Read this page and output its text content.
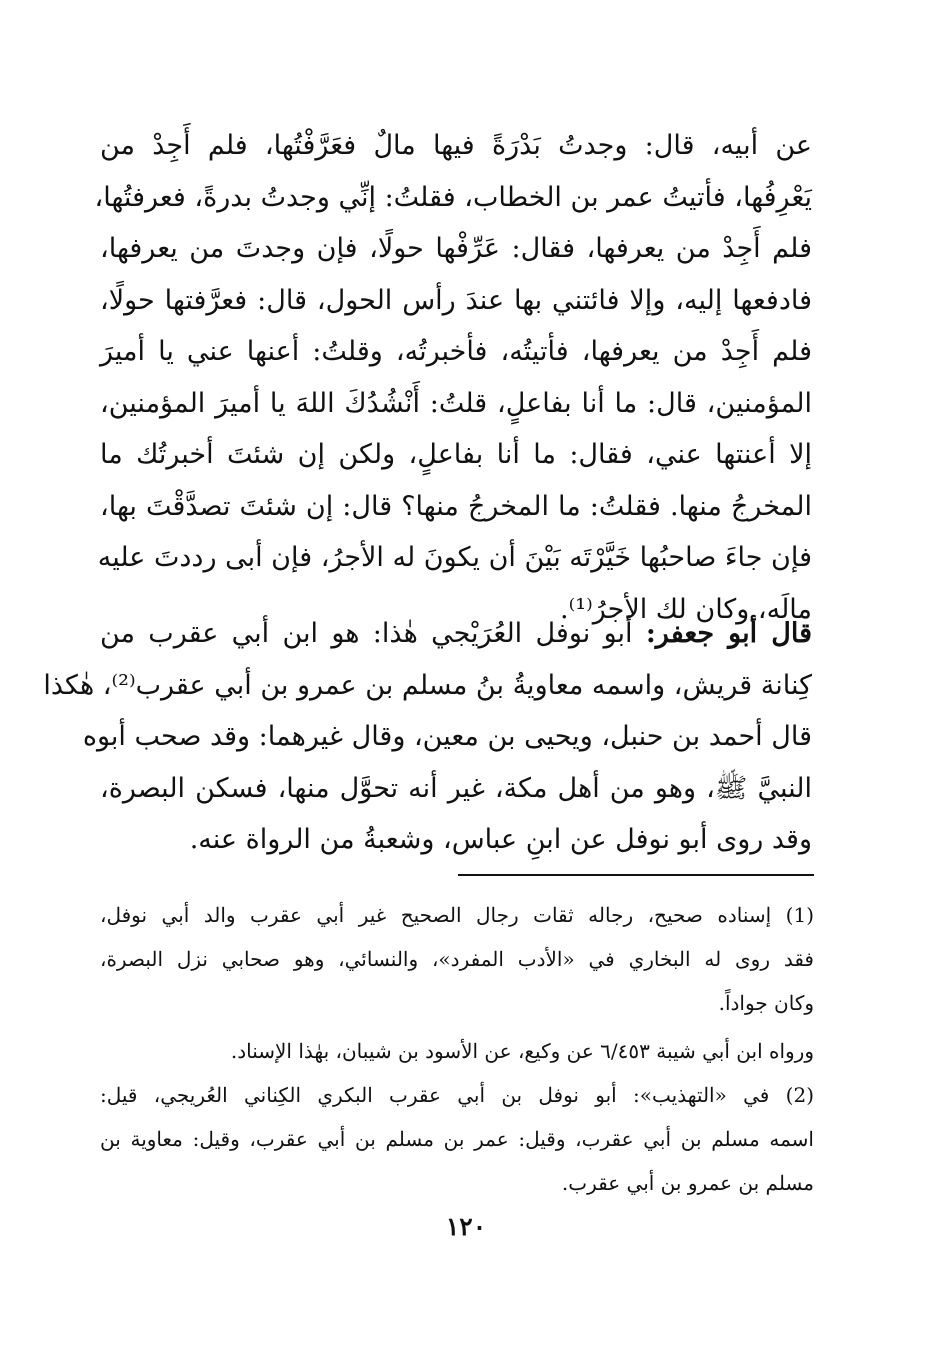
عن أبيه، قال: وجدتُ بَدْرَةً فيها مالٌ فعَرَّفْتُها، فلم أَجِدْ من
يَعْرِفُها، فأتيتُ عمر بن الخطاب، فقلتُ: إنِّي وجدتُ بدرةً، فعرفتُها،
فلم أَجِدْ من يعرفها، فقال: عَرِّفْها حولًا، فإن وجدتَ من يعرفها،
فادفعها إليه، وإلا فائتني بها عندَ رأس الحول، قال: فعرَّفتها حولًا،
فلم أَجِدْ من يعرفها، فأتيتُه، فأخبرتُه، وقلتُ: أعنها عني يا أميرَ
المؤمنين، قال: ما أنا بفاعلٍ، قلتُ: أَنْشُدُكَ اللهَ يا أميرَ المؤمنين،
إلا أعنتها عني، فقال: ما أنا بفاعلٍ، ولكن إن شئتَ أخبرتُك ما
المخرجُ منها. فقلتُ: ما المخرجُ منها؟ قال: إن شئتَ تصدَّقْتَ بها،
فإن جاءَ صاحبُها خَيَّرْتَه بَيْنَ أن يكونَ له الأجرُ، فإن أبى رددتَ عليه
مالَه، وكان لك الأجرُ⁽¹⁾.
قال أبو جعفر: أبو نوفل العُرَيْجي هٰذا: هو ابن أبي عقرب من
كِنانة قريش، واسمه معاويةُ بنُ مسلم بن عمرو بن أبي عقرب⁽²⁾، هٰكذا
قال أحمد بن حنبل، ويحيى بن معين، وقال غيرهما: وقد صحب أبوه
النبيَّ ﷺ، وهو من أهل مكة، غير أنه تحوَّل منها، فسكن البصرة،
وقد روى أبو نوفل عن ابنِ عباس، وشعبةُ من الرواة عنه.
(1) إسناده صحيح، رجاله ثقات رجال الصحيح غير أبي عقرب والد أبي نوفل،
فقد روى له البخاري في «الأدب المفرد»، والنسائي، وهو صحابي نزل البصرة،
وكان جواداً.
ورواه ابن أبي شيبة ٦/٤٥٣ عن وكيع، عن الأسود بن شيبان، بهٰذا الإسناد.
(2) في «التهذيب»: أبو نوفل بن أبي عقرب البكري الكِناني العُريجي، قيل:
اسمه مسلم بن أبي عقرب، وقيل: عمر بن مسلم بن أبي عقرب، وقيل: معاوية بن
مسلم بن عمرو بن أبي عقرب.
١٢٠
